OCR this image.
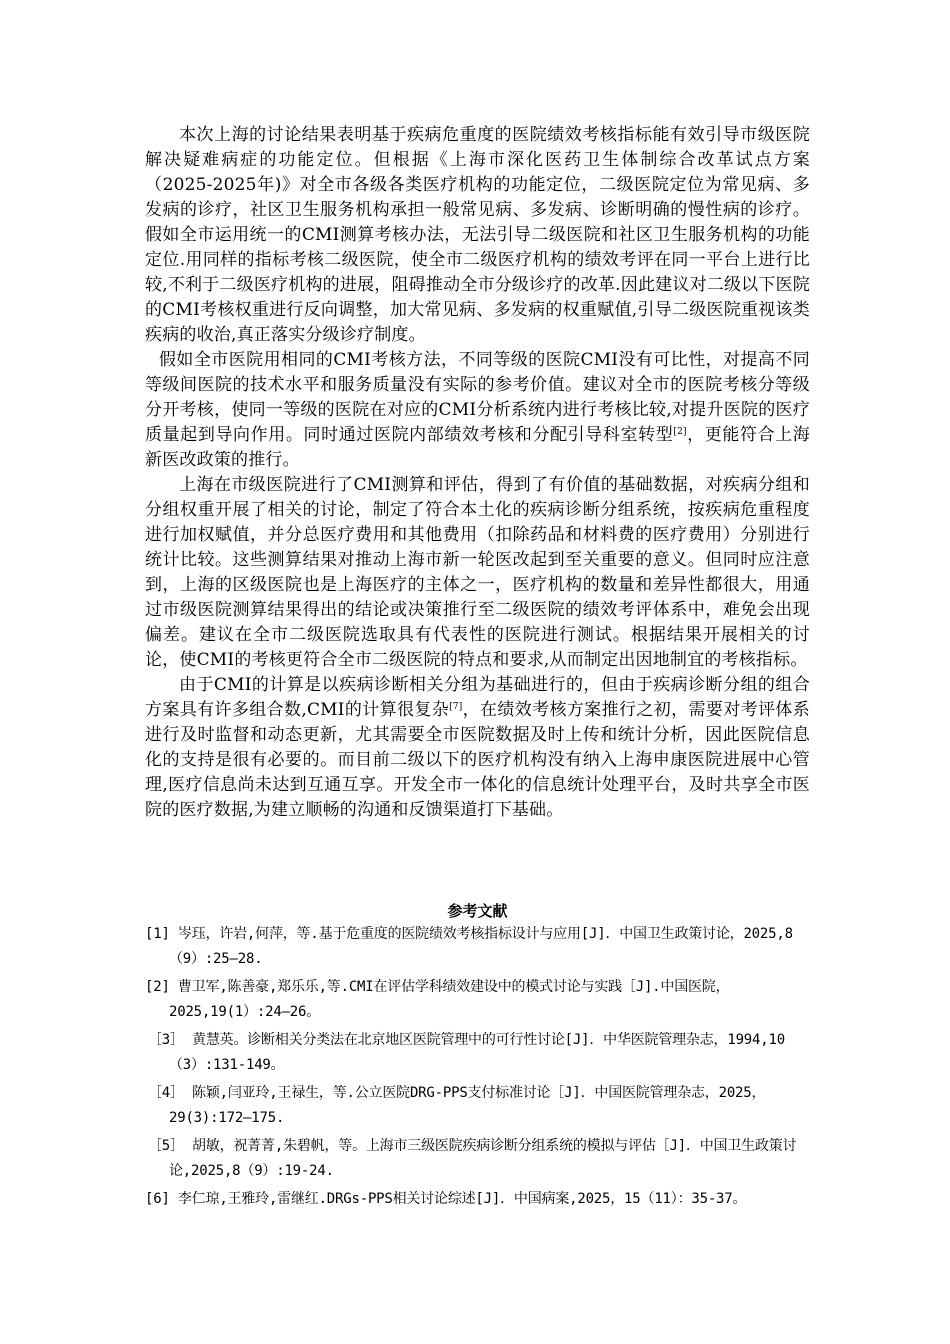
本次上海的讨论结果表明基于疾病危重度的医院绩效考核指标能有效引导市级医院解决疑难病症的功能定位。但根据《上海市深化医药卫生体制综合改革试点方案（2025-2025年)》对全市各级各类医疗机构的功能定位，二级医院定位为常见病、多发病的诊疗，社区卫生服务机构承担一般常见病、多发病、诊断明确的慢性病的诊疗。假如全市运用统一的CMI测算考核办法，无法引导二级医院和社区卫生服务机构的功能定位.用同样的指标考核二级医院，使全市二级医疗机构的绩效考评在同一平台上进行比较,不利于二级医疗机构的进展，阻碍推动全市分级诊疗的改革.因此建议对二级以下医院的CMI考核权重进行反向调整，加大常见病、多发病的权重赋值,引导二级医院重视该类疾病的收治,真正落实分级诊疗制度。

假如全市医院用相同的CMI考核方法，不同等级的医院CMI没有可比性，对提高不同等级间医院的技术水平和服务质量没有实际的参考价值。建议对全市的医院考核分等级分开考核，使同一等级的医院在对应的CMI分析系统内进行考核比较,对提升医院的医疗质量起到导向作用。同时通过医院内部绩效考核和分配引导科室转型[2]，更能符合上海新医改政策的推行。

上海在市级医院进行了CMI测算和评估，得到了有价值的基础数据，对疾病分组和分组权重开展了相关的讨论，制定了符合本土化的疾病诊断分组系统，按疾病危重程度进行加权赋值，并分总医疗费用和其他费用（扣除药品和材料费的医疗费用）分别进行统计比较。这些测算结果对推动上海市新一轮医改起到至关重要的意义。但同时应注意到，上海的区级医院也是上海医疗的主体之一，医疗机构的数量和差异性都很大，用通过市级医院测算结果得出的结论或决策推行至二级医院的绩效考评体系中，难免会出现偏差。建议在全市二级医院选取具有代表性的医院进行测试。根据结果开展相关的讨论，使CMI的考核更符合全市二级医院的特点和要求,从而制定出因地制宜的考核指标。

由于CMI的计算是以疾病诊断相关分组为基础进行的，但由于疾病诊断分组的组合方案具有许多组合数,CMI的计算很复杂[7]，在绩效考核方案推行之初，需要对考评体系进行及时监督和动态更新，尤其需要全市医院数据及时上传和统计分析，因此医院信息化的支持是很有必要的。而目前二级以下的医疗机构没有纳入上海申康医院进展中心管理,医疗信息尚未达到互通互享。开发全市一体化的信息统计处理平台，及时共享全市医院的医疗数据,为建立顺畅的沟通和反馈渠道打下基础。

参考文献
[1] 岑珏，许岩,何萍，等.基于危重度的医院绩效考核指标设计与应用[J]．中国卫生政策讨论，2025,8（9）:25—28.
[2] 曹卫军,陈善豪,郑乐乐,等.CMI在评估学科绩效建设中的模式讨论与实践［J].中国医院，2025,19(1）:24—26。
［3］ 黄慧英。诊断相关分类法在北京地区医院管理中的可行性讨论[J]．中华医院管理杂志，1994,10（3）:131-149。
［4］ 陈颖,闫亚玲,王禄生，等.公立医院DRG-PPS支付标准讨论［J]．中国医院管理杂志，2025，29(3):172—175.
［5］ 胡敏，祝菁菁,朱碧帆，等。上海市三级医院疾病诊断分组系统的模拟与评估［J]．中国卫生政策讨论,2025,8（9）:19-24.
[6] 李仁琼,王雅玲,雷继红.DRGs-PPS相关讨论综述[J]．中国病案,2025，15（11）：35-37。
